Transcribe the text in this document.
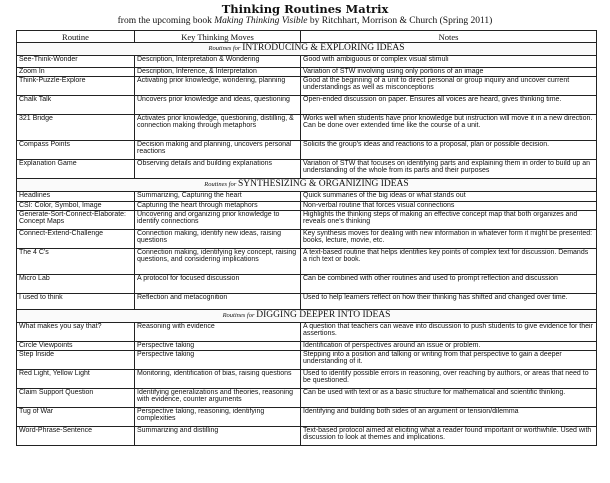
Thinking Routines Matrix
from the upcoming book Making Thinking Visible by Ritchhart, Morrison & Church (Spring 2011)
Routine	Key Thinking Moves	Notes
Routines for INTRODUCING & EXPLORING IDEAS		
See-Think-Wonder	Description, Interpretation & Wondering	Good with ambiguous or complex visual stimuli
Zoom In	Description, Inference, & Interpretation	Variation of STW involving using only portions of an image
Think-Puzzle-Explore	Activating prior knowledge, wondering, planning	Good at the beginning of a unit to direct personal or group inquiry and uncover current understandings as well as misconceptions
Chalk Talk	Uncovers prior knowledge and ideas, questioning	Open-ended discussion on paper. Ensures all voices are heard, gives thinking time.
321 Bridge	Activates prior knowledge, questioning, distilling, & connection making through metaphors	Works well when students have prior knowledge but instruction will move it in a new direction. Can be done over extended time like the course of a unit.
Compass Points	Decision making and planning, uncovers personal reactions	Solicits the group's ideas and reactions to a proposal, plan or possible decision.
Explanation Game	Observing details and building explanations	Variation of STW that focuses on identifying parts and explaining them in order to build up an understanding of the whole from its parts and their purposes
Routines for SYNTHESIZING & ORGANIZING IDEAS		
Headlines	Summarizing, Capturing the heart	Quick summaries of the big ideas or what stands out
CSI: Color, Symbol, Image	Capturing the heart through metaphors	Non-verbal routine that forces visual connections
Generate-Sort-Connect-Elaborate: Concept Maps	Uncovering and organizing prior knowledge to identify connections	Highlights the thinking steps of making an effective concept map that both organizes and reveals one's thinking
Connect-Extend-Challenge	Connection making, identify new ideas, raising questions	Key synthesis moves for dealing with new information in whatever form it might be presented: books, lecture, movie, etc.
The 4 C's	Connection making, identifying key concept, raising questions, and considering implications	A text-based routine that helps identifies key points of complex text for discussion. Demands a rich text or book.
Micro Lab	A protocol for focused discussion	Can be combined with other routines and used to prompt reflection and discussion
I used to think	Reflection and metacognition	Used to help learners reflect on how their thinking has shifted and changed over time.
Routines for DIGGING DEEPER INTO IDEAS		
What makes you say that?	Reasoning with evidence	A question that teachers can weave into discussion to push students to give evidence for their assertions.
Circle Viewpoints	Perspective taking	Identification of perspectives around an issue or problem.
Step Inside	Perspective taking	Stepping into a position and talking or writing from that perspective to gain a deeper understanding of it.
Red Light, Yellow Light	Monitoring, identification of bias, raising questions	Used to identify possible errors in reasoning, over reaching by authors, or areas that need to be questioned.
Claim Support Question	Identifying generalizations and theories, reasoning with evidence, counter arguments	Can be used with text or as a basic structure for mathematical and scientific thinking.
Tug of War	Perspective taking, reasoning, identifying complexities	Identifying and building both sides of an argument or tension/dilemma
Word-Phrase-Sentence	Summarizing and distilling	Text-based protocol aimed at eliciting what a reader found important or worthwhile. Used with discussion to look at themes and implications.
